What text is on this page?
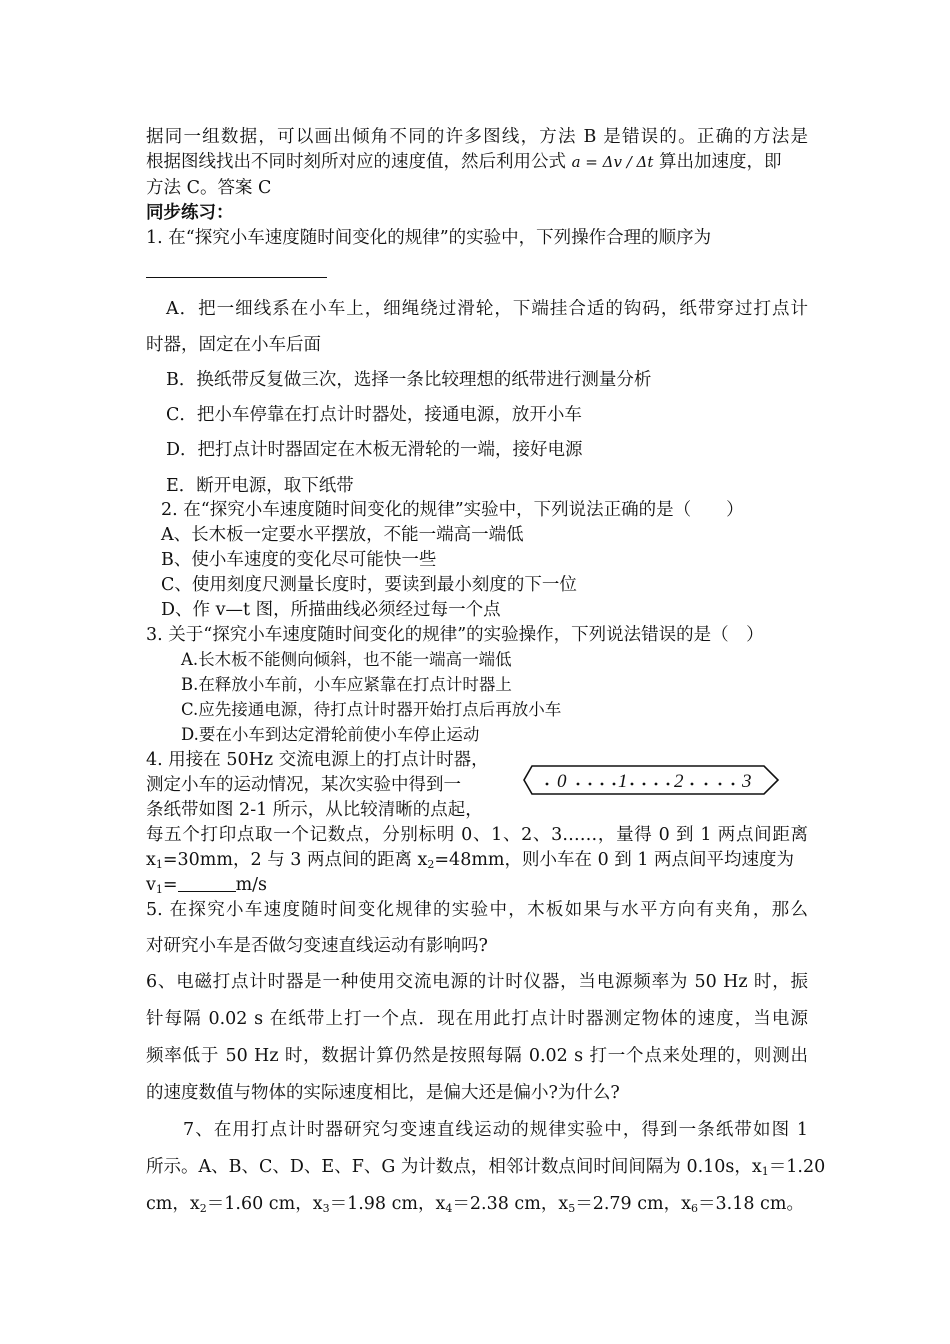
据同一组数据，可以画出倾角不同的许多图线，方法 B 是错误的。正确的方法是
根据图线找出不同时刻所对应的速度值，然后利用公式 a = Δv / Δt 算出加速度，即
方法 C。答案 C
同步练习：
1. 在“探究小车速度随时间变化的规律”的实验中，下列操作合理的顺序为
A．把一细线系在小车上，细绳绕过滑轮，下端挂合适的钩码，纸带穿过打点计
时器，固定在小车后面
B．换纸带反复做三次，选择一条比较理想的纸带进行测量分析
C．把小车停靠在打点计时器处，接通电源，放开小车
D．把打点计时器固定在木板无滑轮的一端，接好电源
E．断开电源，取下纸带
2. 在“探究小车速度随时间变化的规律”实验中，下列说法正确的是（　　）
A、长木板一定要水平摆放，不能一端高一端低
B、使小车速度的变化尽可能快一些
C、使用刻度尺测量长度时，要读到最小刻度的下一位
D、作 v—t 图，所描曲线必须经过每一个点
3. 关于“探究小车速度随时间变化的规律”的实验操作，下列说法错误的是（　）
A.长木板不能侧向倾斜，也不能一端高一端低
B.在释放小车前，小车应紧靠在打点计时器上
C.应先接通电源，待打点计时器开始打点后再放小车
D.要在小车到达定滑轮前使小车停止运动
4. 用接在 50Hz 交流电源上的打点计时器，
测定小车的运动情况，某次实验中得到一
条纸带如图 2-1 所示，从比较清晰的点起，
0	1 2	3
每五个打印点取一个记数点，分别标明 0、1、2、3……，量得 0 到 1 两点间距离
$x_1=30mm$，2 与 3 两点间的距离 $x_2=48mm$，则小车在 0 到 1 两点间平均速度为
$v_1=$	m/s
5. 在探究小车速度随时间变化规律的实验中，木板如果与水平方向有夹角，那么
对研究小车是否做匀变速直线运动有影响吗?
6、电磁打点计时器是一种使用交流电源的计时仪器，当电源频率为 50 Hz 时，振
针每隔 0.02 s 在纸带上打一个点．现在用此打点计时器测定物体的速度，当电源
频率低于 50 Hz 时，数据计算仍然是按照每隔 0.02 s 打一个点来处理的，则测出
的速度数值与物体的实际速度相比，是偏大还是偏小?为什么?
7、在用打点计时器研究匀变速直线运动的规律实验中，得到一条纸带如图 1
所示。A、B、C、D、E、F、G 为计数点，相邻计数点间时间间隔为 0.10s，$x_1=1.20$
cm，$x_2=1.60$ cm，$x_3=1.98$ cm，$x_4=2.38$ cm，$x_5=2.79$ cm，$x_6=3.18$ cm。
